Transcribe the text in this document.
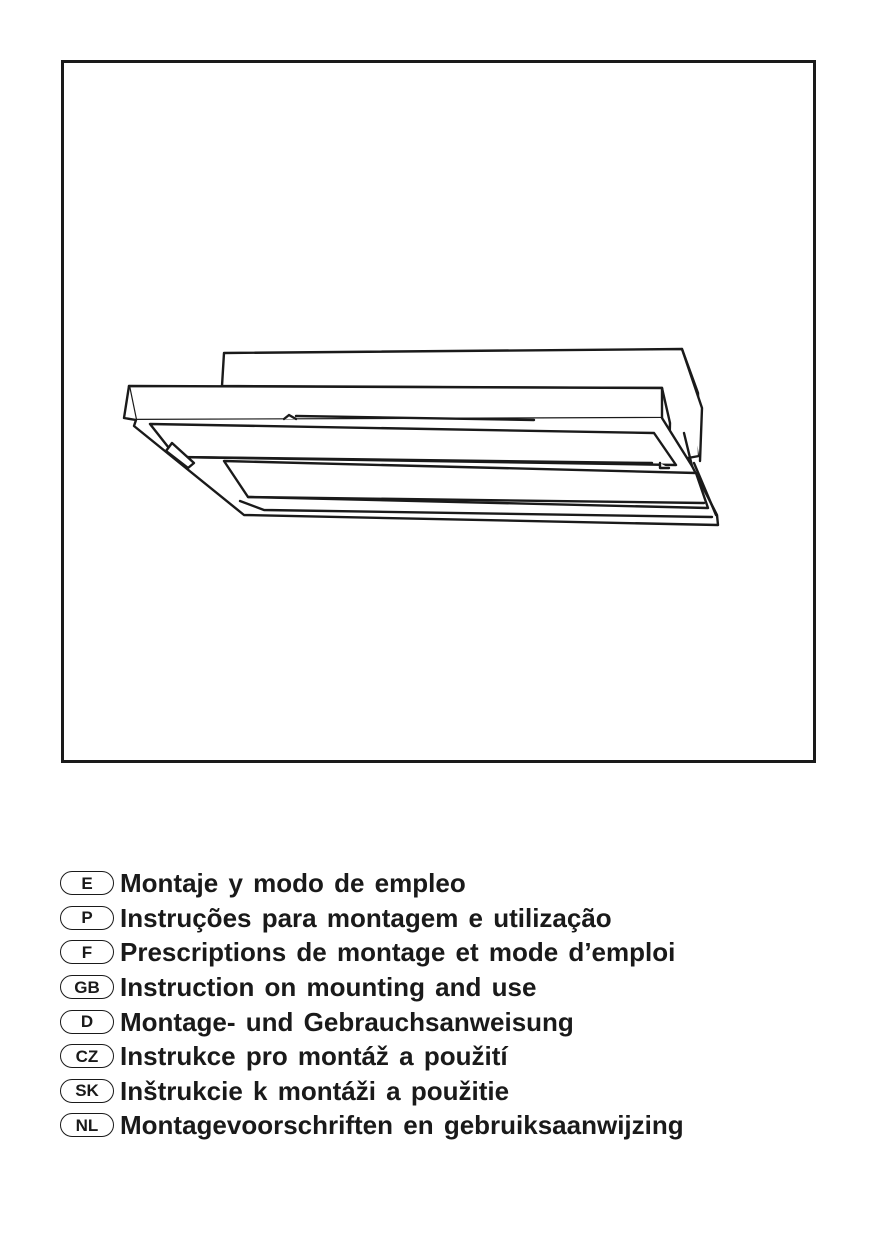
E	Montaje y modo de empleo
P	Instruções para montagem e utilização
F	Prescriptions de montage et mode d’emploi
GB Instruction on mounting and use
D	Montage- und Gebrauchsanweisung
CZ Instrukce pro montáž a použití
SK Inštrukcie k montáži a použitie
NL Montagevoorschriften en gebruiksaanwijzing
